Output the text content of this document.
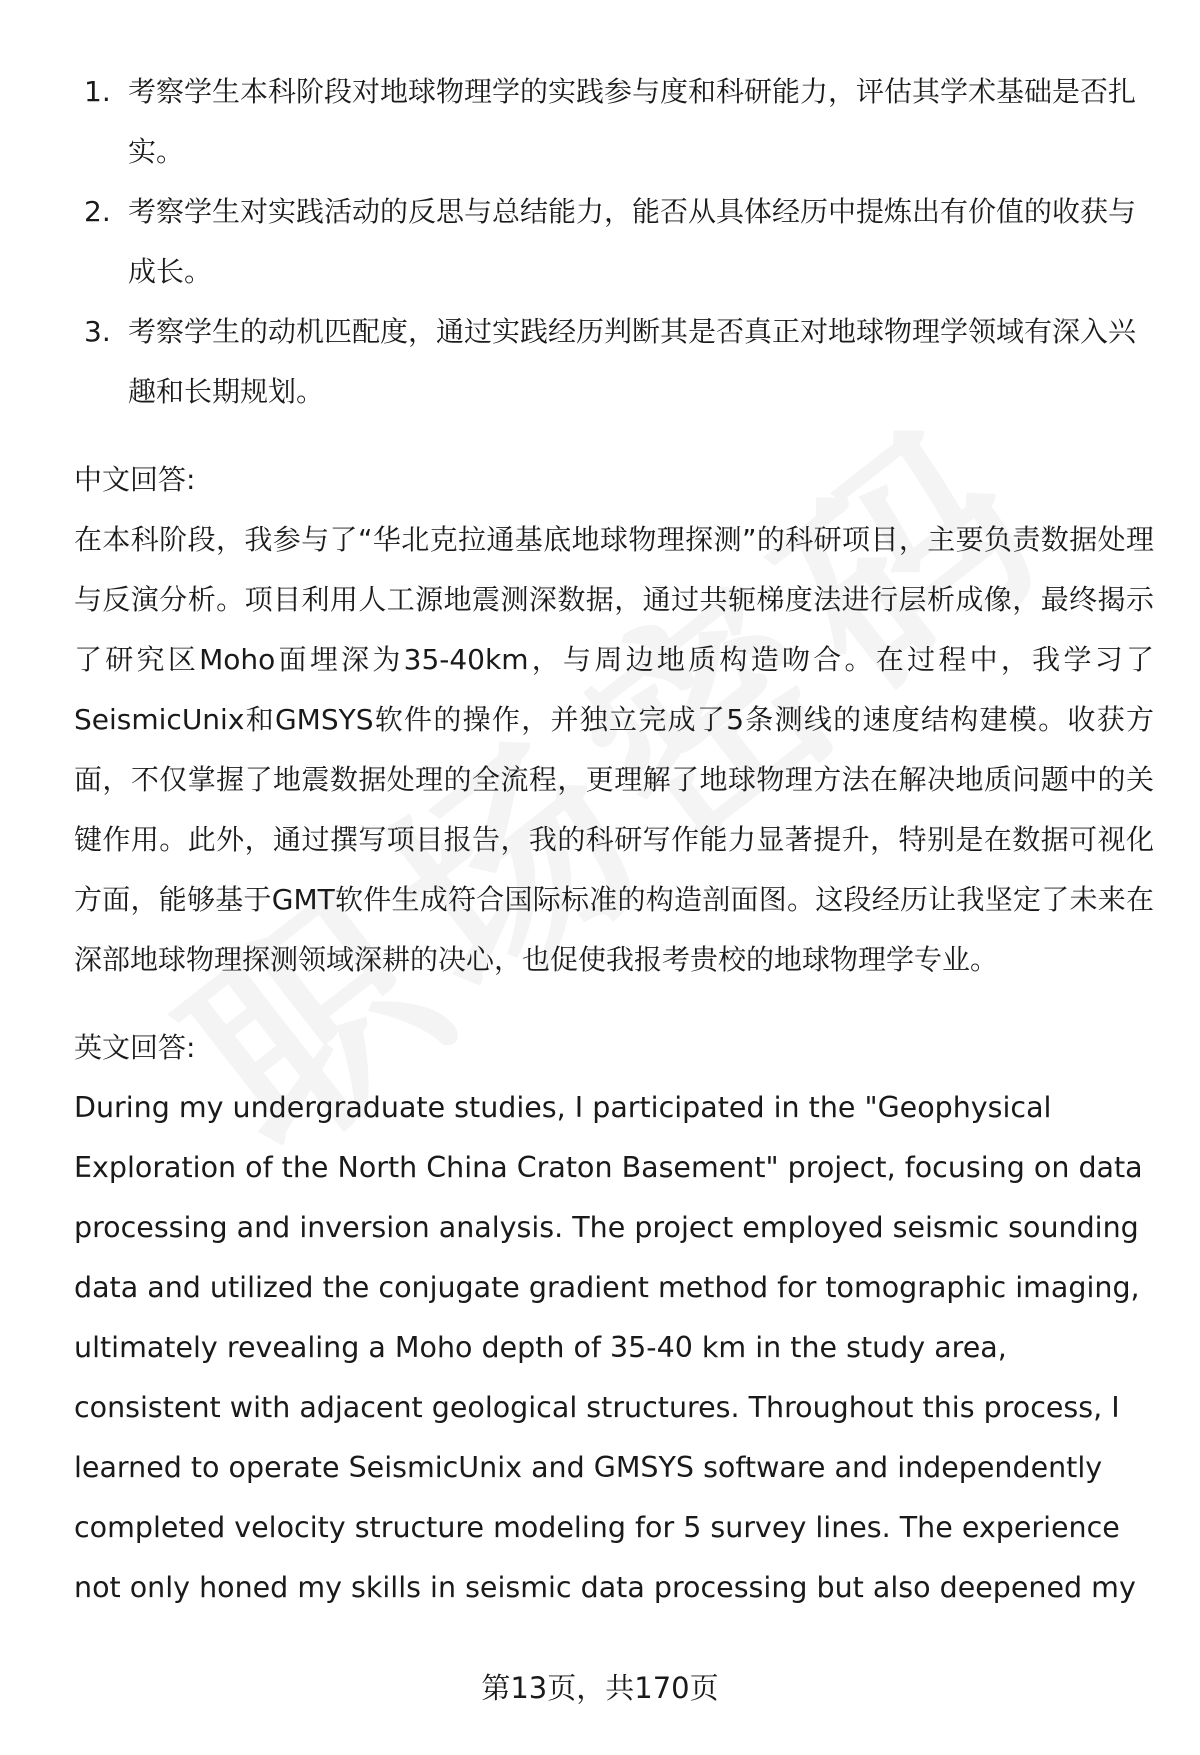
1. 考察学生本科阶段对地球物理学的实践参与度和科研能力，评估其学术基础是否扎实。
2. 考察学生对实践活动的反思与总结能力，能否从具体经历中提炼出有价值的收获与成长。
3. 考察学生的动机匹配度，通过实践经历判断其是否真正对地球物理学领域有深入兴趣和长期规划。
中文回答:

在本科阶段，我参与了“华北克拉通基底地球物理探测”的科研项目，主要负责数据处理与反演分析。项目利用人工源地震测深数据，通过共轭梯度法进行层析成像，最终揭示了研究区Moho面埋深为35-40km，与周边地质构造吻合。在过程中，我学习了SeismicUnix和GMSYS软件的操作，并独立完成了5条测线的速度结构建模。收获方面，不仅掌握了地震数据处理的全流程，更理解了地球物理方法在解决地质问题中的关键作用。此外，通过撰写项目报告，我的科研写作能力显著提升，特别是在数据可视化方面，能够基于GMT软件生成符合国际标准的构造剖面图。这段经历让我坚定了未来在深部地球物理探测领域深耕的决心，也促使我报考贵校的地球物理学专业。

英文回答:

During my undergraduate studies, I participated in the "Geophysical Exploration of the North China Craton Basement" project, focusing on data processing and inversion analysis. The project employed seismic sounding data and utilized the conjugate gradient method for tomographic imaging, ultimately revealing a Moho depth of 35-40 km in the study area, consistent with adjacent geological structures. Throughout this process, I learned to operate SeismicUnix and GMSYS software and independently completed velocity structure modeling for 5 survey lines. The experience not only honed my skills in seismic data processing but also deepened my

第13页，共170页
